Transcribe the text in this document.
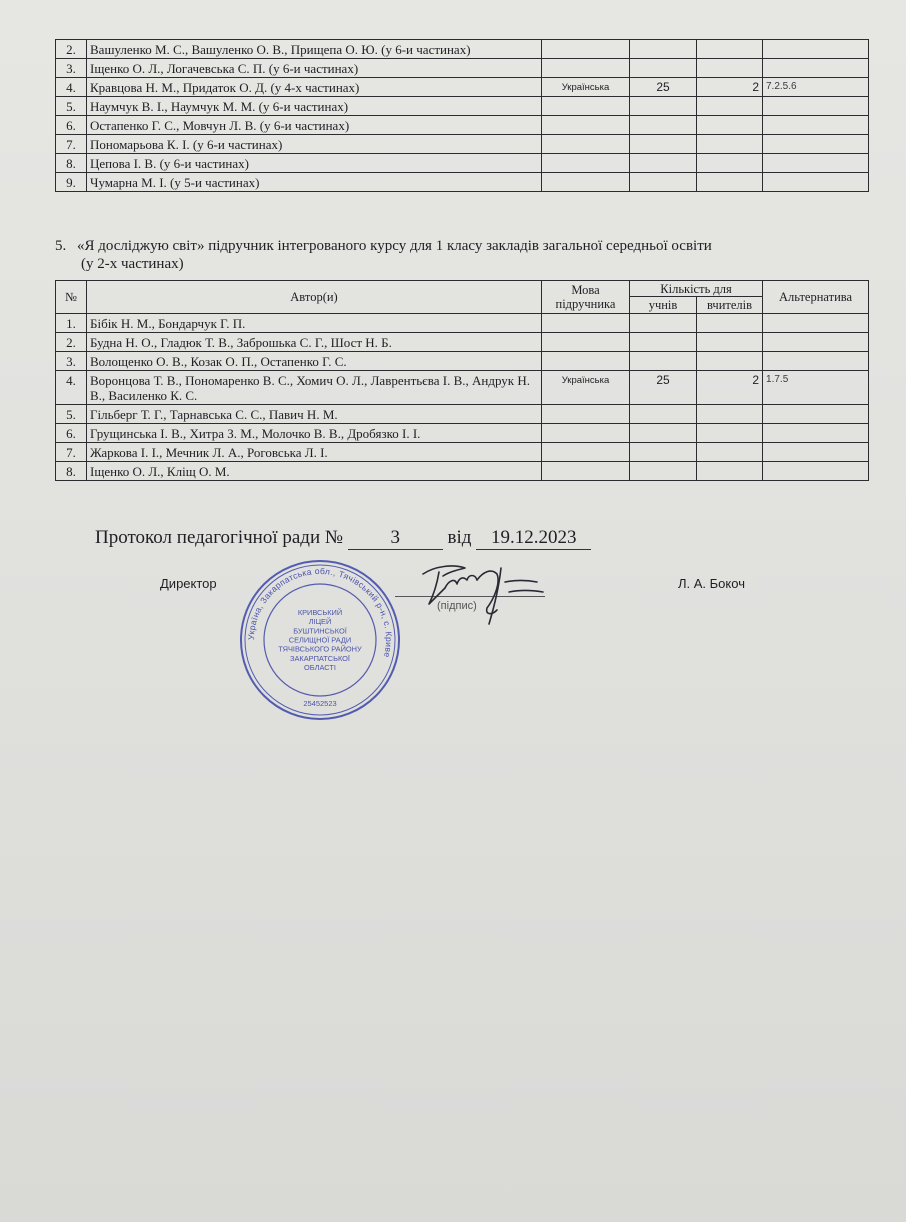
2.	Вашуленко М. С., Вашуленко О. В., Прищепа О. Ю. (у 6-и частинах)				
3.	Іщенко О. Л., Логачевська С. П. (у 6-и частинах)				
4.	Кравцова Н. М., Придаток О. Д. (у 4-х частинах)	Українська	25	2	7.2.5.6
5.	Наумчук В. І., Наумчук М. М. (у 6-и частинах)				
6.	Остапенко Г. С., Мовчун Л. В. (у 6-и частинах)				
7.	Пономарьова К. І. (у 6-и частинах)				
8.	Цепова І. В. (у 6-и частинах)				
9.	Чумарна М. І. (у 5-и частинах)				
5. «Я досліджую світ» підручник інтегрованого курсу для 1 класу закладів загальної середньої освіти
(у 2-х частинах)
№	Автор(и)	Мова підручника	Кількість для		Альтернатива
			учнів	вчителів	
1.	Бібік Н. М., Бондарчук Г. П.				
2.	Будна Н. О., Гладюк Т. В., Заброшька С. Г., Шост Н. Б.				
3.	Волощенко О. В., Козак О. П., Остапенко Г. С.				
4.	Воронцова Т. В., Пономаренко В. С., Хомич О. Л., Лаврентьєва І. В., Андрук Н. В., Василенко К. С.	Українська	25	2	1.7.5
5.	Гільберг Т. Г., Тарнавська С. С., Павич Н. М.				
6.	Грущинська І. В., Хитра З. М., Молочко В. В., Дробязко І. І.				
7.	Жаркова І. І., Мечник Л. А., Роговська Л. І.				
8.	Іщенко О. Л., Кліщ О. М.				
Протокол педагогічної ради №	3	від 19.12.2023
Директор
(підпис)
Л. А. Бокоч
Україна, Закарпатська обл., Тячівський р-н, с. Криве
КРИВСЬКИЙ
ЛІЦЕЙ
БУШТИНСЬКОЇ
СЕЛИЩНОЇ РАДИ
ТЯЧІВСЬКОГО РАЙОНУ
ЗАКАРПАТСЬКОЇ
ОБЛАСТІ
25452523
